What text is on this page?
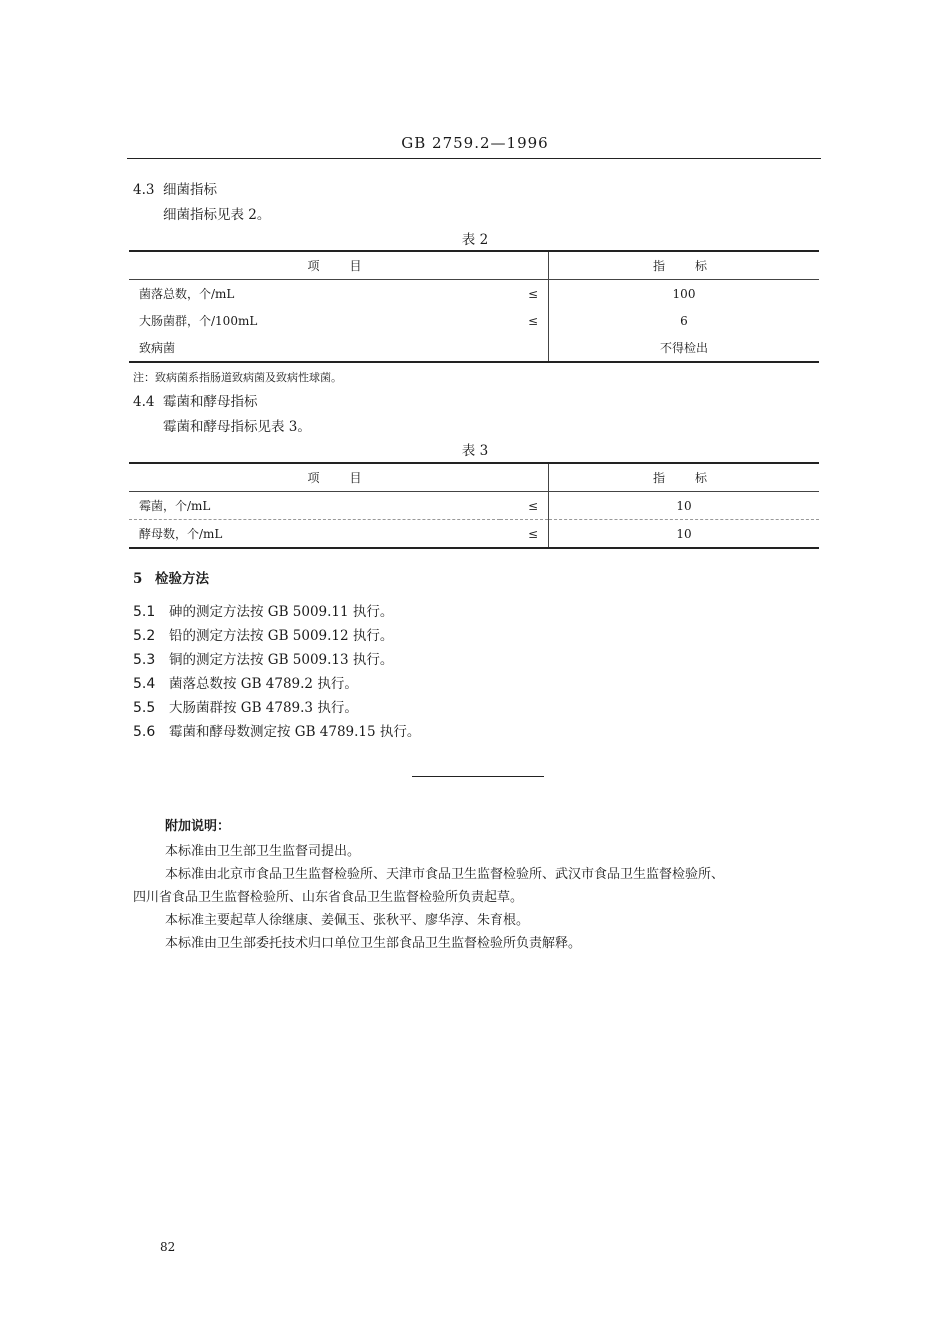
GB 2759.2—1996
4.3 细菌指标
细菌指标见表 2。
表 2
项目		指标
菌落总数，个/mL	≤	100
大肠菌群，个/100mL	≤	6
致病菌		不得检出
注：致病菌系指肠道致病菌及致病性球菌。
4.4 霉菌和酵母指标
霉菌和酵母指标见表 3。
表 3
项目		指标
霉菌，个/mL	≤	10
酵母数，个/mL	≤	10
5 检验方法
5.1 砷的测定方法按 GB 5009.11 执行。
5.2 铅的测定方法按 GB 5009.12 执行。
5.3 铜的测定方法按 GB 5009.13 执行。
5.4 菌落总数按 GB 4789.2 执行。
5.5 大肠菌群按 GB 4789.3 执行。
5.6 霉菌和酵母数测定按 GB 4789.15 执行。
附加说明：
本标准由卫生部卫生监督司提出。
本标准由北京市食品卫生监督检验所、天津市食品卫生监督检验所、武汉市食品卫生监督检验所、
四川省食品卫生监督检验所、山东省食品卫生监督检验所负责起草。
本标准主要起草人徐继康、姜佩玉、张秋平、廖华淳、朱育根。
本标准由卫生部委托技术归口单位卫生部食品卫生监督检验所负责解释。
82
